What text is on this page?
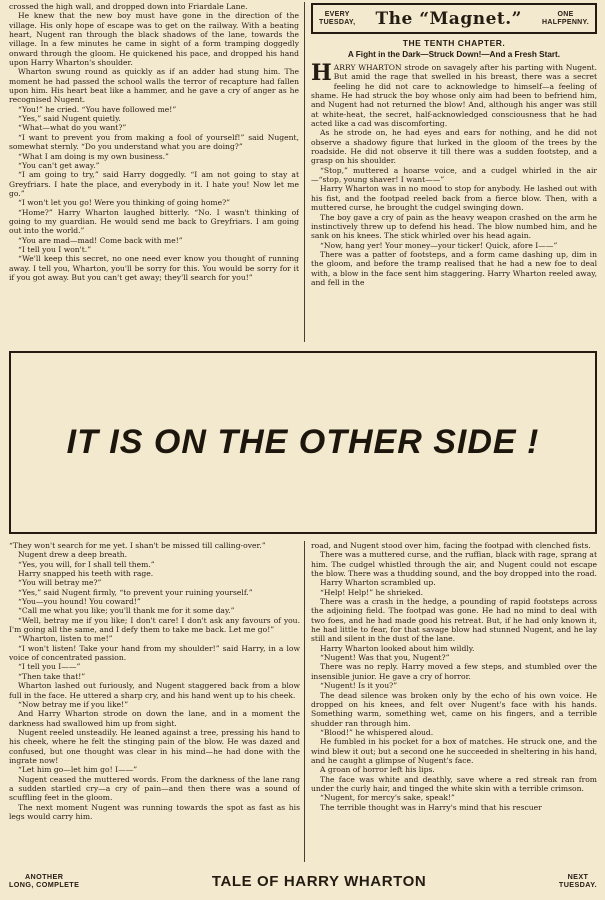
crossed the high wall, and dropped down into Friardale Lane.

He knew that the new boy must have gone in the direction of the village. His only hope of escape was to get on the railway. With a beating heart, Nugent ran through the black shadows of the lane, towards the village. In a few minutes he came in sight of a form tramping doggedly onward through the gloom. He quickened his pace, and dropped his hand upon Harry Wharton's shoulder.

Wharton swung round as quickly as if an adder had stung him. The moment he had passed the school walls the terror of recapture had fallen upon him. His heart beat like a hammer, and he gave a cry of anger as he recognised Nugent.

“You!” he cried. “You have followed me!”

“Yes,” said Nugent quietly.

“What—what do you want?”

“I want to prevent you from making a fool of yourself!” said Nugent, somewhat sternly. “Do you understand what you are doing?”

“What I am doing is my own business.”

“You can't get away.”

“I am going to try,” said Harry doggedly. “I am not going to stay at Greyfriars. I hate the place, and everybody in it. I hate you! Now let me go.”

“I won't let you go! Were you thinking of going home?”

“Home?” Harry Wharton laughed bitterly. “No. I wasn't thinking of going to my guardian. He would send me back to Greyfriars. I am going out into the world.”

“You are mad—mad! Come back with me!”

“I tell you I won't.”

“We'll keep this secret, no one need ever know you thought of running away. I tell you, Wharton, you'll be sorry for this. You would be sorry for it if you got away. But you can't get away; they'll search for you!”

EVERY
TUESDAY, The “Magnet.”	ONE
HALFPENNY.
THE TENTH CHAPTER.
A Fight in the Dark—Struck Down!—And a Fresh Start.
H ARRY WHARTON strode on savagely after his parting with Nugent. But amid the rage that swelled in his breast, there was a secret feeling he did not care to acknowledge to himself—a feeling of shame. He had struck the boy whose only aim had been to befriend him, and Nugent had not returned the blow! And, although his anger was still at white-heat, the secret, half-acknowledged consciousness that he had acted like a cad was discomforting.

As he strode on, he had eyes and ears for nothing, and he did not observe a shadowy figure that lurked in the gloom of the trees by the roadside. He did not observe it till there was a sudden footstep, and a grasp on his shoulder.

“Stop,” muttered a hoarse voice, and a cudgel whirled in the air—“stop, young shaver! I want——”

Harry Wharton was in no mood to stop for anybody. He lashed out with his fist, and the footpad reeled back from a fierce blow. Then, with a muttered curse, he brought the cudgel swinging down.

The boy gave a cry of pain as the heavy weapon crashed on the arm he instinctively threw up to defend his head. The blow numbed him, and he sank on his knees. The stick whirled over his head again.

“Now, hang yer! Your money—your ticker! Quick, afore I——”

There was a patter of footsteps, and a form came dashing up, dim in the gloom, and before the tramp realised that he had a new foe to deal with, a blow in the face sent him staggering. Harry Wharton reeled away, and fell in the

IT IS ON THE OTHER SIDE !

“They won't search for me yet. I shan't be missed till calling-over.”

Nugent drew a deep breath.

“Yes, you will, for I shall tell them.”

Harry snapped his teeth with rage.

“You will betray me?”

“Yes,” said Nugent firmly, “to prevent your ruining yourself.”

“You—you hound! You coward!”

“Call me what you like; you'll thank me for it some day.”

“Well, betray me if you like; I don't care! I don't ask any favours of you. I'm going all the same, and I defy them to take me back. Let me go!”

“Wharton, listen to me!”

“I won't listen! Take your hand from my shoulder!” said Harry, in a low voice of concentrated passion.

“I tell you I——”

“Then take that!”

Wharton lashed out furiously, and Nugent staggered back from a blow full in the face. He uttered a sharp cry, and his hand went up to his cheek.

“Now betray me if you like!”

And Harry Wharton strode on down the lane, and in a moment the darkness had swallowed him up from sight.

Nugent reeled unsteadily. He leaned against a tree, pressing his hand to his cheek, where he felt the stinging pain of the blow. He was dazed and confused, but one thought was clear in his mind—he had done with the ingrate now!

“Let him go—let him go! I——”

Nugent ceased the muttered words. From the darkness of the lane rang a sudden startled cry—a cry of pain—and then there was a sound of scuffling feet in the gloom.

The next moment Nugent was running towards the spot as fast as his legs would carry him.

road, and Nugent stood over him, facing the footpad with clenched fists.

There was a muttered curse, and the ruffian, black with rage, sprang at him. The cudgel whistled through the air, and Nugent could not escape the blow. There was a thudding sound, and the boy dropped into the road.

Harry Wharton scrambled up.

“Help! Help!” he shrieked.

There was a crash in the hedge, a pounding of rapid footsteps across the adjoining field. The footpad was gone. He had no mind to deal with two foes, and he had made good his retreat. But, if he had only known it, he had little to fear, for that savage blow had stunned Nugent, and he lay still and silent in the dust of the lane.

Harry Wharton looked about him wildly.

“Nugent! Was that you, Nugent?”

There was no reply. Harry moved a few steps, and stumbled over the insensible junior. He gave a cry of horror.

“Nugent! Is it you?”

The dead silence was broken only by the echo of his own voice. He dropped on his knees, and felt over Nugent's face with his hands. Something warm, something wet, came on his fingers, and a terrible shudder ran through him.

“Blood!” he whispered aloud.

He fumbled in his pocket for a box of matches. He struck one, and the wind blew it out; but a second one he succeeded in sheltering in his hand, and he caught a glimpse of Nugent's face.

A groan of horror left his lips.

The face was white and deathly, save where a red streak ran from under the curly hair, and tinged the white skin with a terrible crimson.

“Nugent, for mercy's sake, speak!”

The terrible thought was in Harry's mind that his rescuer

ANOTHER
LONG, COMPLETE	TALE OF HARRY WHARTON	NEXT
TUESDAY.
